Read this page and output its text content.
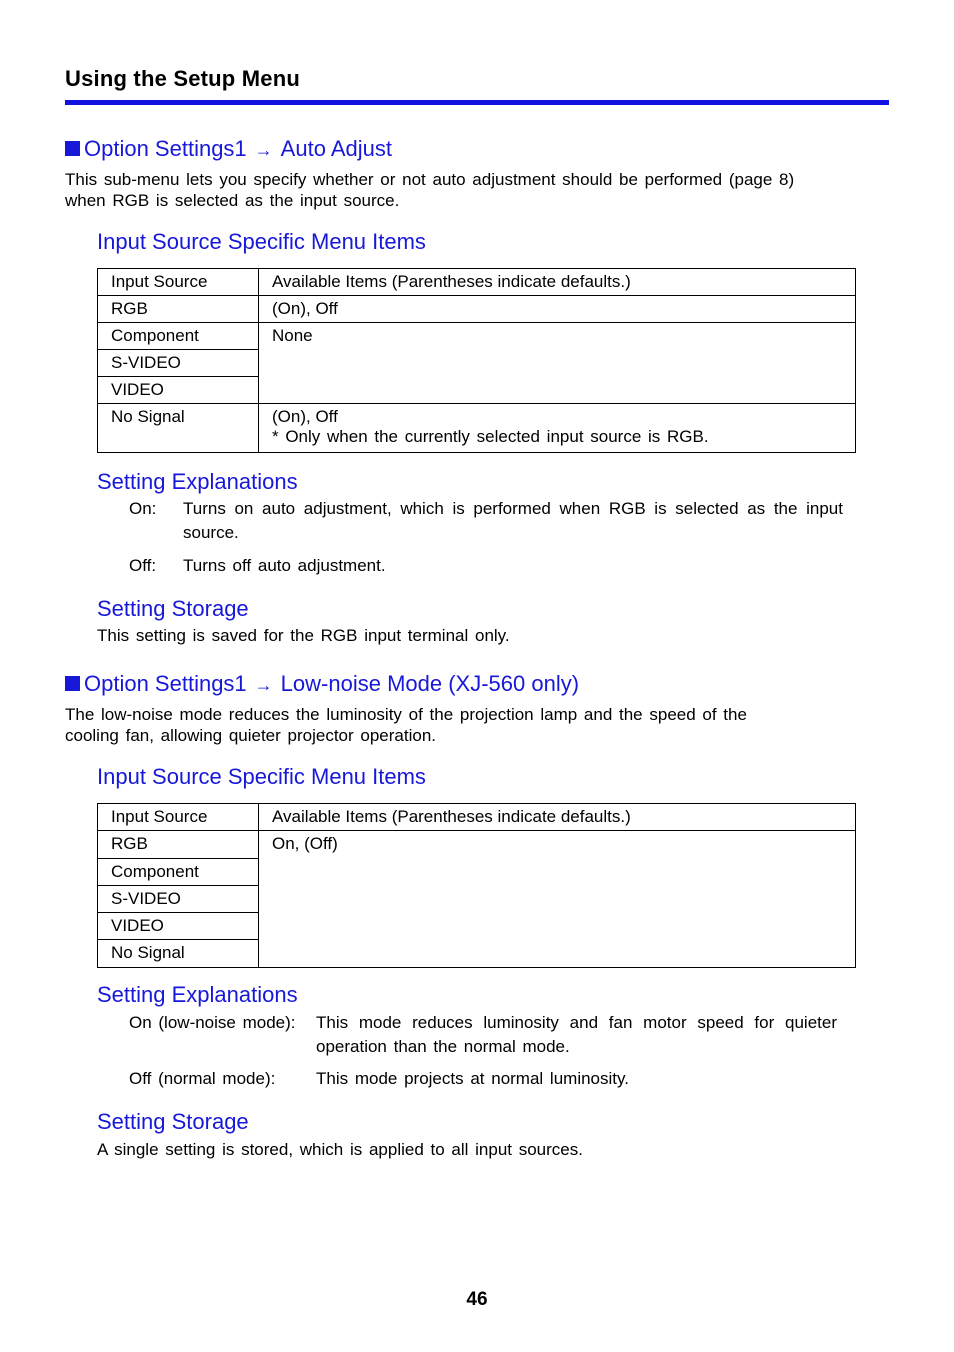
Using the Setup Menu
Option Settings1 → Auto Adjust
This sub-menu lets you specify whether or not auto adjustment should be performed (page 8)
when RGB is selected as the input source.
Input Source Specific Menu Items
Input Source	Available Items (Parentheses indicate defaults.)
RGB	(On), Off
Component	None
S-VIDEO	
VIDEO	
No Signal	(On), Off
* Only when the currently selected input source is RGB.
Setting Explanations
On: Turns on auto adjustment, which is performed when RGB is selected as the input
source.
Off: Turns off auto adjustment.
Setting Storage
This setting is saved for the RGB input terminal only.
Option Settings1 → Low-noise Mode (XJ-560 only)
The low-noise mode reduces the luminosity of the projection lamp and the speed of the
cooling fan, allowing quieter projector operation.
Input Source Specific Menu Items
Input Source	Available Items (Parentheses indicate defaults.)
RGB	On, (Off)
Component	
S-VIDEO	
VIDEO	
No Signal	
Setting Explanations
On (low-noise mode): This mode reduces luminosity and fan motor speed for quieter
operation than the normal mode.
Off (normal mode): This mode projects at normal luminosity.
Setting Storage
A single setting is stored, which is applied to all input sources.
46
